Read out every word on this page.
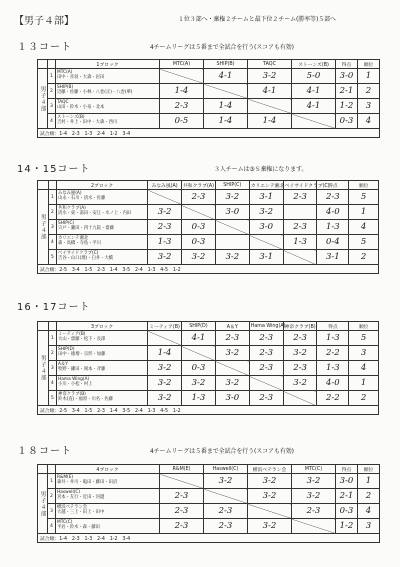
【男子４部】	１位３部へ・棄権２チームと最下位２チーム(勝率等)５部へ
１３コート	4チームリーグは５番まで全試合を行う(スコアも有効)
		1ブロック	MTC(A)	SHIP(B)	TAQC	ストーンズ(B)	得点	順位
男子４部	1	MTC(A)
田中・赤羽・大森・岩田		4-1	3-2	5-0	3-0	1
	2	SHIP(B)
迈藤・佐藤・小林・八巻(正)・八巻(華)	1-4		4-1	4-1	2-1	2
	3	TAQC
山田・鈴木・小泉・北本	2-3	1-4		4-1	1-2	3
	4	ストーンズ(B)
吉村・井上・田中・大森・西川	0-5	1-4	1-4		0-3	4
試合順：1-4　2-3　1-3　2-4　1-2　3-4								
14・15コート	３人チームは③Ｓ棄権になります。
		2ブロック	みなみ風(A)	共和クラブ(A)	SHIP(C)	カリエンテ湘北	ベイサイドクラブ(C)	得点	順位
男子４部	1	みなみ風(A)
山永・石川・清水・佐藤		2-3	3-2	3-1	2-3	2-3	5
	2	共和クラブ(A)
清水・東・湯田・安江・水ノ上・内田	3-2		3-0	3-2		4-0	1
	3	SHIP(C)
宍戸・瀬田・四十九院・齋藤	2-3	0-3		3-0	2-3	1-3	4
	4	カリエンテ湘北
森・高橋・寺島・平川	1-3	0-3			1-3	0-4	5
	5	ベイサイドクラブ(C)
吉谷・山口(理)・臼井・大橋	3-2	3-2	3-2	3-1		3-1	2
試合順：2-5　3-4　1-5　2-3　1-4　3-5　2-4　1-3　4-5　1-2									
16・17コート
		3ブロック	ミーティア(B)	SHIP(D)	A＆Y	Hama Wing(A)	神奈クラブ(B)	得点	順位
男子４部	1	ミーティア(B)
大山・齋藤・松下・長澤		4-1	2-3	2-3	2-3	1-3	5
	2	SHIP(D)
田中・徳増・宗形・加藤	1-4		3-2	2-3	3-2	2-2	3
	3	A＆Y
牧野・鎌田・岡本・斉藤	3-2	0-3		2-3	2-3	1-3	4
	4	Hama Wing(A)
小川・小松・村上	3-2	3-2	3-2		3-2	4-0	1
	5	神奈クラブ(B)
鈴木(直)・福原・川名・佐藤	3-2	1-3	3-0	2-3		2-2	2
試合順：2-5　3-4　1-5　2-3　1-4　3-5　2-4　1-3　4-5　1-2									
１８コート	4チームリーグは５番まで全試合を行う(スコアも有効)
		4ブロック	R&M(E)	Haswell(C)	横浜ベテラン会	MTC(C)	得点	順位
男子４部	1	R&M(E)
森井・井川・亀田・藤田・田沼		3-2	3-2	3-2	3-0	1
	2	Haswell(C)
宮本・友行・近田・河邊	2-3		3-2	3-2	2-1	2
	3	横浜ベテラン会
大越・三上・田上・田中	2-3	2-3		2-3	0-3	4
	4	MTC(C)
平岩・鈴木・森・藤田	2-3	2-3	3-2		1-2	3
試合順：1-4　2-3　1-3　2-4　1-2　3-4								
